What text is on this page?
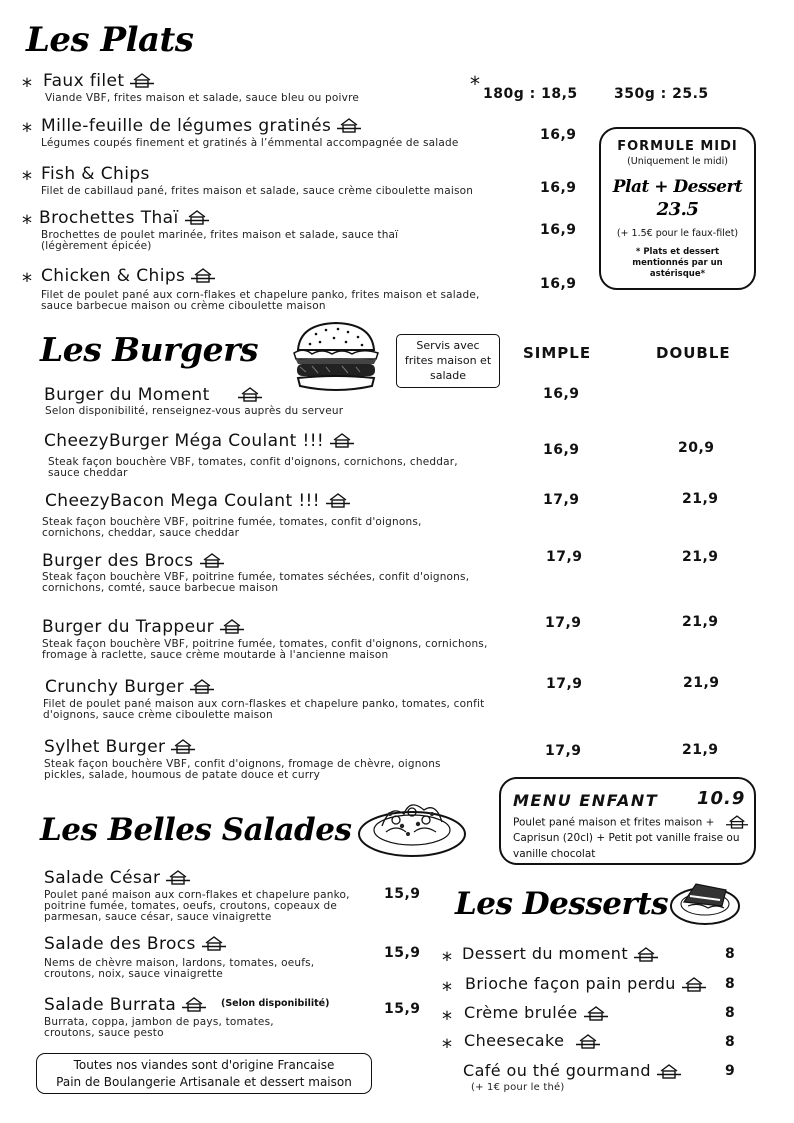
Les Plats
* Faux filet
Viande VBF, frites maison et salade, sauce bleu ou poivre
* 180g : 18,5	350g : 25.5
* Mille-feuille de légumes gratinés
Légumes coupés finement et gratinés à l’émmental accompagnée de salade	16,9
* Fish & Chips
Filet de cabillaud pané, frites maison et salade, sauce crème ciboulette maison	16,9
* Brochettes Thaï
Brochettes de poulet marinée, frites maison et salade, sauce thaï (légèrement épicée)
16,9
* Chicken & Chips
Filet de poulet pané aux corn-flakes et chapelure panko, frites maison et salade, sauce barbecue maison ou crème ciboulette maison
16,9
FORMULE MIDI
(Uniquement le midi)
Plat + Dessert
23.5
(+ 1.5€ pour le faux-filet)
* Plats et dessert mentionnés par un astérisque*
Les Burgers	Servis avec frites maison et salade
SIMPLE	DOUBLE
Burger du Moment
Selon disponibilité, renseignez-vous auprès du serveur
16,9
CheezyBurger Méga Coulant !!!
Steak façon bouchère VBF, tomates, confit d'oignons, cornichons, cheddar, sauce cheddar
16,9	20,9
CheezyBacon Mega Coulant !!!
Steak façon bouchère VBF, poitrine fumée, tomates, confit d'oignons, cornichons, cheddar, sauce cheddar
17,9	21,9
Burger des Brocs
Steak façon bouchère VBF, poitrine fumée, tomates séchées, confit d'oignons, cornichons, comté, sauce barbecue maison
17,9	21,9
Burger du Trappeur
Steak façon bouchère VBF, poitrine fumée, tomates, confit d'oignons, cornichons, fromage à raclette, sauce crème moutarde à l'ancienne maison
17,9	21,9
Crunchy Burger
Filet de poulet pané maison aux corn-flaskes et chapelure panko, tomates, confit d'oignons, sauce crème ciboulette maison
17,9	21,9
Sylhet Burger
Steak façon bouchère VBF, confit d'oignons, fromage de chèvre, oignons pickles, salade, houmous de patate douce et curry
17,9	21,9
MENU ENFANT 10.9
Poulet pané maison et frites maison +
Caprisun (20cl) + Petit pot vanille fraise ou
vanille chocolat
Les Belles Salades
Salade César
Poulet pané maison aux corn-flakes et chapelure panko, poitrine fumée, tomates, oeufs, croutons, copeaux de parmesan, sauce césar, sauce vinaigrette
15,9
Salade des Brocs
Nems de chèvre maison, lardons, tomates, oeufs, croutons, noix, sauce vinaigrette
15,9
Salade Burrata	(Selon disponibilité)
Burrata, coppa, jambon de pays, tomates, croutons, sauce pesto
15,9
Toutes nos viandes sont d'origine Francaise
Pain de Boulangerie Artisanale et dessert maison
Les Desserts
* Dessert du moment	8
* Brioche façon pain perdu	8
* Crème brulée	8
* Cheesecake	8
Café ou thé gourmand
(+ 1€ pour le thé)
9
